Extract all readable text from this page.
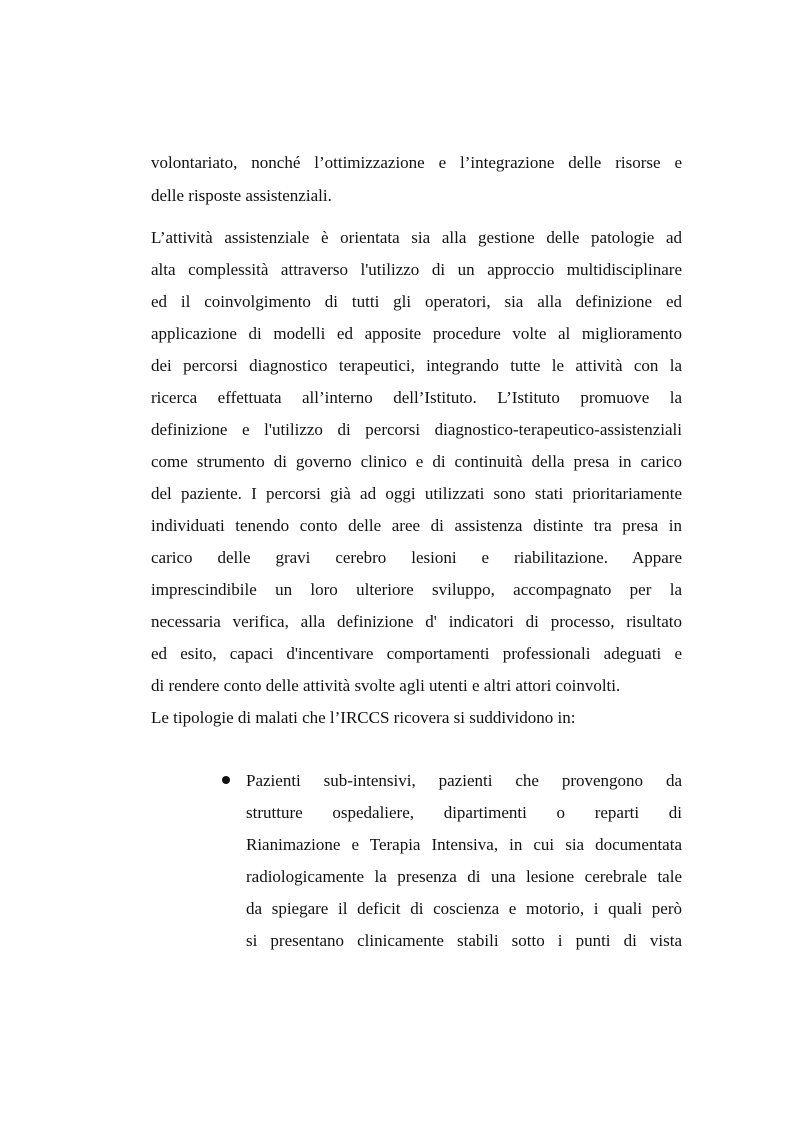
volontariato, nonché l’ottimizzazione e l’integrazione delle risorse e
delle risposte assistenziali.
L’attività assistenziale è orientata sia alla gestione delle patologie ad
alta complessità attraverso l'utilizzo di un approccio multidisciplinare
ed il coinvolgimento di tutti gli operatori, sia alla definizione ed
applicazione di modelli ed apposite procedure volte al miglioramento
dei percorsi diagnostico terapeutici, integrando tutte le attività con la
ricerca effettuata all’interno dell’Istituto. L’Istituto promuove la
definizione e l'utilizzo di percorsi diagnostico-terapeutico-assistenziali
come strumento di governo clinico e di continuità della presa in carico
del paziente. I percorsi già ad oggi utilizzati sono stati prioritariamente
individuati tenendo conto delle aree di assistenza distinte tra presa in
carico delle gravi cerebro lesioni e riabilitazione. Appare
imprescindibile un loro ulteriore sviluppo, accompagnato per la
necessaria verifica, alla definizione d' indicatori di processo, risultato
ed esito, capaci d'incentivare comportamenti professionali adeguati e
di rendere conto delle attività svolte agli utenti e altri attori coinvolti.
Le tipologie di malati che l’IRCCS ricovera si suddividono in:
Pazienti sub-intensivi, pazienti che provengono da
strutture ospedaliere, dipartimenti o reparti di
Rianimazione e Terapia Intensiva, in cui sia documentata
radiologicamente la presenza di una lesione cerebrale tale
da spiegare il deficit di coscienza e motorio, i quali però
si presentano clinicamente stabili sotto i punti di vista
